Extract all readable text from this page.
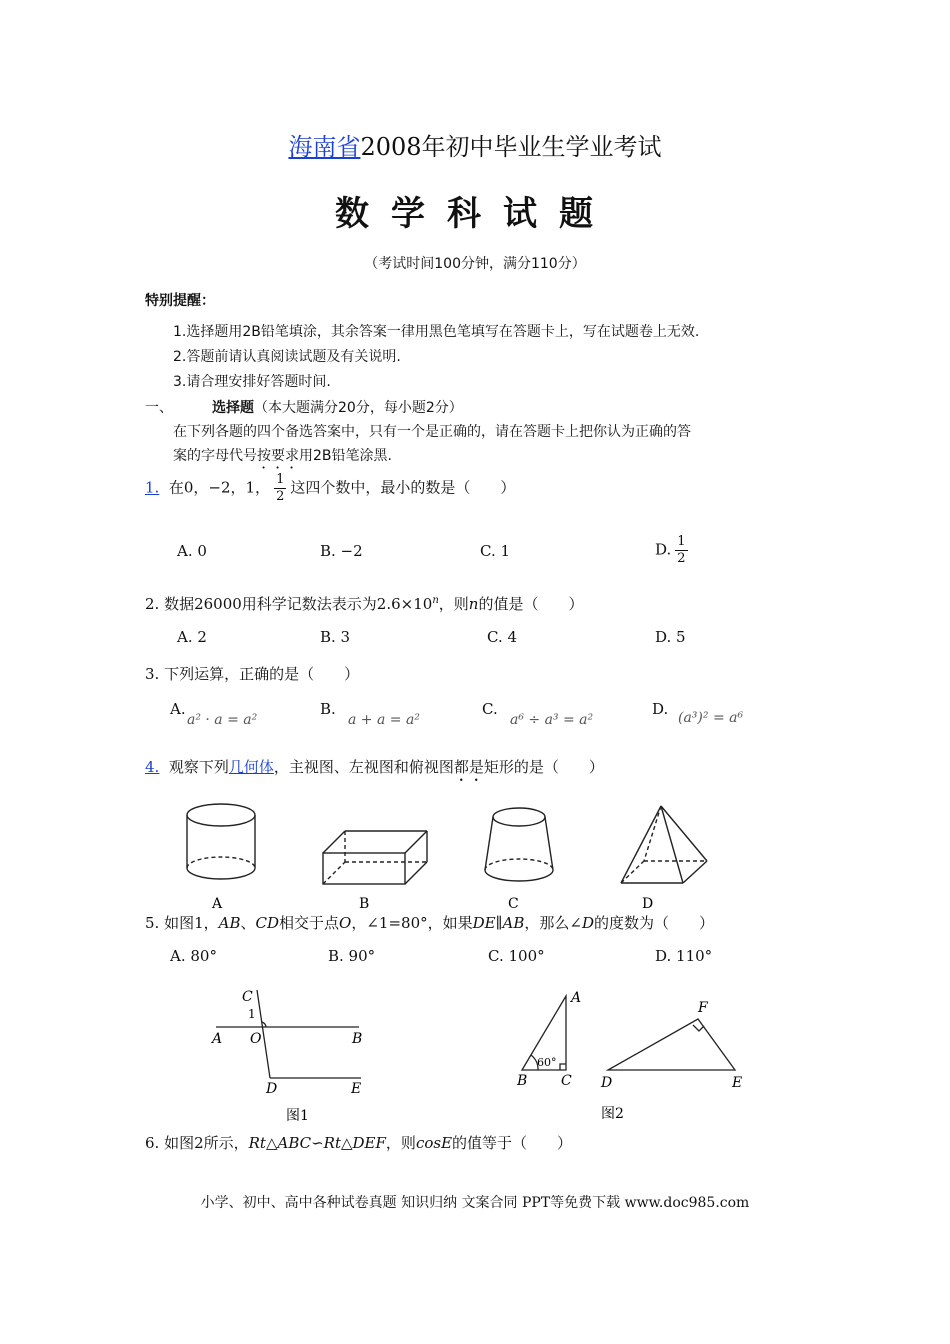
海南省2008年初中毕业生学业考试
数学科试题
（考试时间100分钟，满分110分）
特别提醒：
1.选择题用2B铅笔填涂，其余答案一律用黑色笔填写在答题卡上，写在试题卷上无效.
2.答题前请认真阅读试题及有关说明.
3.请合理安排好答题时间.
一、	选择题（本大题满分20分，每小题2分）
在下列各题的四个备选答案中，只有一个是正确的，请在答题卡上把你认为正确的答
案的字母代号按要求用2B铅笔涂黑.
1. 在0，−2，1， $\frac{1}{2}$ 这四个数中，最小的数是（　　）
A. 0	B. −2	C. 1	D. $\frac{1}{2}$
2. 数据26000用科学记数法表示为$2.6\times 10^n$，则n的值是（　　）
A. 2	B. 3	C. 4	D. 5
3. 下列运算，正确的是（　　）
A.
a² · a = a²
B.
a + a = a²
C.
a⁶ ÷ a³ = a²
D. (a³)² = a⁶
4. 观察下列几何体，主视图、左视图和俯视图都是矩形的是（　　）
A	B	C	D
C
1
A O	B
D	E
图1
A
60°
B C
F
D	E
图2
5. 如图1，AB、CD相交于点O，∠1=80°，如果DE∥AB，那么∠D的度数为（　　）
A. 80°	B. 90°	C. 100°	D. 110°
6. 如图2所示，Rt△ABC∽Rt△DEF，则cosE的值等于（　　）
小学、初中、高中各种试卷真题 知识归纳 文案合同 PPT等免费下载 www.doc985.com
